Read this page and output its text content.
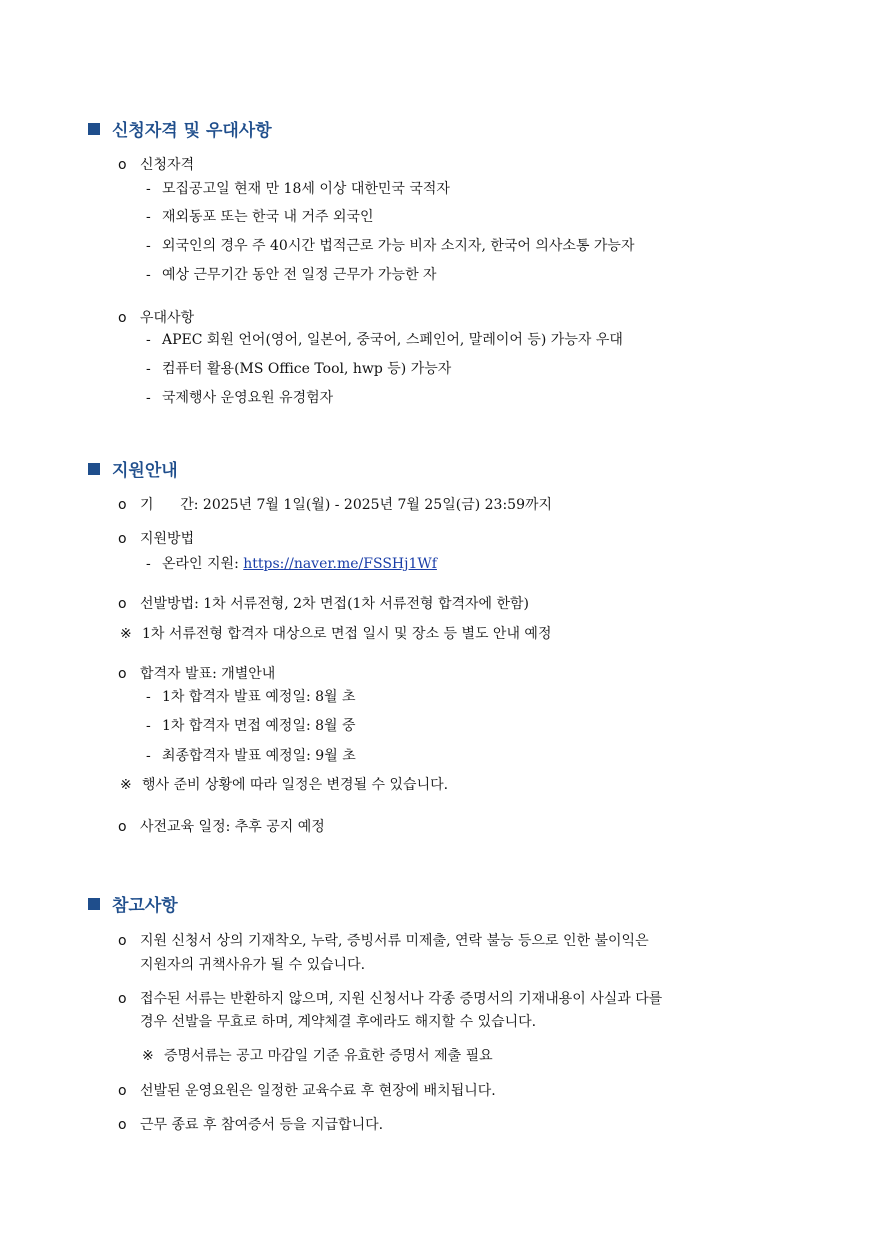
신청자격 및 우대사항
o 신청자격
- 모집공고일 현재 만 18세 이상 대한민국 국적자
- 재외동포 또는 한국 내 거주 외국인
- 외국인의 경우 주 40시간 법적근로 가능 비자 소지자, 한국어 의사소통 가능자
- 예상 근무기간 동안 전 일정 근무가 가능한 자
o 우대사항
- APEC 회원 언어(영어, 일본어, 중국어, 스페인어, 말레이어 등) 가능자 우대
- 컴퓨터 활용(MS Office Tool, hwp 등) 가능자
- 국제행사 운영요원 유경험자
지원안내
o 기      간: 2025년 7월 1일(월) - 2025년 7월 25일(금) 23:59까지
o 지원방법
- 온라인 지원: https://naver.me/FSSHj1Wf
o 선발방법: 1차 서류전형, 2차 면접(1차 서류전형 합격자에 한함)
※ 1차 서류전형 합격자 대상으로 면접 일시 및 장소 등 별도 안내 예정
o 합격자 발표: 개별안내
- 1차 합격자 발표 예정일: 8월 초
- 1차 합격자 면접 예정일: 8월 중
- 최종합격자 발표 예정일: 9월 초
※ 행사 준비 상황에 따라 일정은 변경될 수 있습니다.
o 사전교육 일정: 추후 공지 예정
참고사항
o 지원 신청서 상의 기재착오, 누락, 증빙서류 미제출, 연락 불능 등으로 인한 불이익은
지원자의 귀책사유가 될 수 있습니다.
o 접수된 서류는 반환하지 않으며, 지원 신청서나 각종 증명서의 기재내용이 사실과 다를
경우 선발을 무효로 하며, 계약체결 후에라도 해지할 수 있습니다.
※ 증명서류는 공고 마감일 기준 유효한 증명서 제출 필요
o 선발된 운영요원은 일정한 교육수료 후 현장에 배치됩니다.
o 근무 종료 후 참여증서 등을 지급합니다.
